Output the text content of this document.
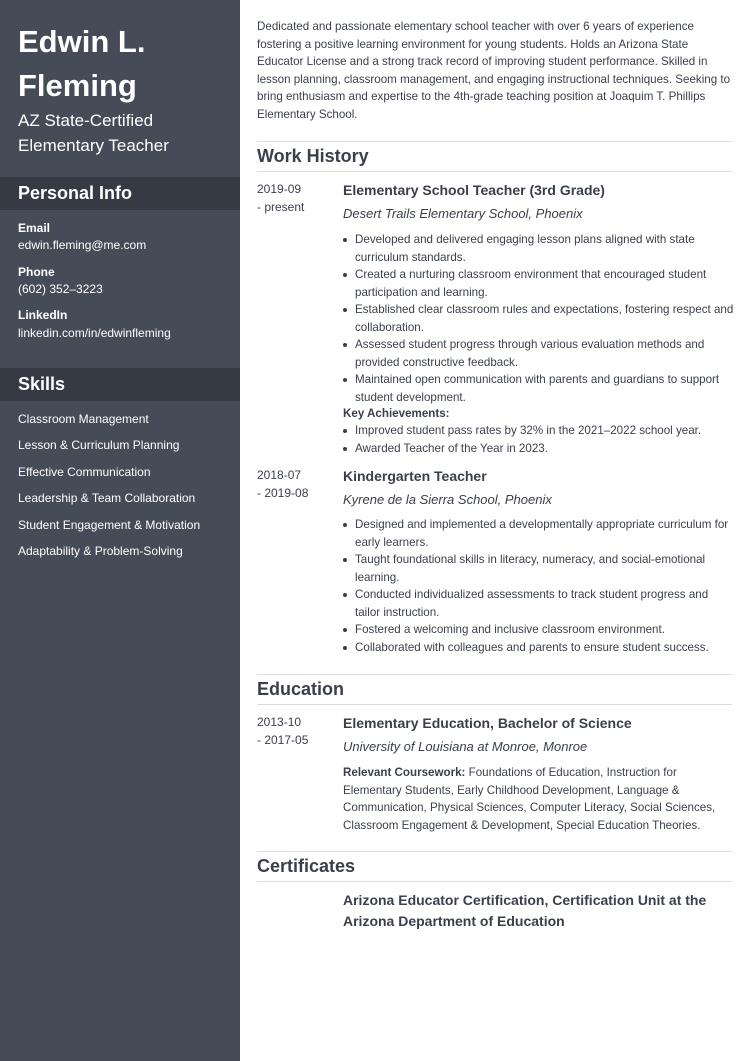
Edwin L. Fleming
AZ State-Certified Elementary Teacher
Personal Info
Email
edwin.fleming@me.com
Phone
(602) 352–3223
LinkedIn
linkedin.com/in/edwinfleming
Skills
Classroom Management
Lesson & Curriculum Planning
Effective Communication
Leadership & Team Collaboration
Student Engagement & Motivation
Adaptability & Problem-Solving
Dedicated and passionate elementary school teacher with over 6 years of experience fostering a positive learning environment for young students. Holds an Arizona State Educator License and a strong track record of improving student performance. Skilled in lesson planning, classroom management, and engaging instructional techniques. Seeking to bring enthusiasm and expertise to the 4th-grade teaching position at Joaquim T. Phillips Elementary School.
Work History
2019-09
- present
Elementary School Teacher (3rd Grade)
Desert Trails Elementary School, Phoenix
Developed and delivered engaging lesson plans aligned with state curriculum standards.
Created a nurturing classroom environment that encouraged student participation and learning.
Established clear classroom rules and expectations, fostering respect and collaboration.
Assessed student progress through various evaluation methods and provided constructive feedback.
Maintained open communication with parents and guardians to support student development.
Key Achievements:
Improved student pass rates by 32% in the 2021–2022 school year.
Awarded Teacher of the Year in 2023.
2018-07
- 2019-08
Kindergarten Teacher
Kyrene de la Sierra School, Phoenix
Designed and implemented a developmentally appropriate curriculum for early learners.
Taught foundational skills in literacy, numeracy, and social-emotional learning.
Conducted individualized assessments to track student progress and tailor instruction.
Fostered a welcoming and inclusive classroom environment.
Collaborated with colleagues and parents to ensure student success.
Education
2013-10
- 2017-05
Elementary Education, Bachelor of Science
University of Louisiana at Monroe, Monroe
Relevant Coursework: Foundations of Education, Instruction for Elementary Students, Early Childhood Development, Language & Communication, Physical Sciences, Computer Literacy, Social Sciences, Classroom Engagement & Development, Special Education Theories.
Certificates
Arizona Educator Certification, Certification Unit at the Arizona Department of Education
